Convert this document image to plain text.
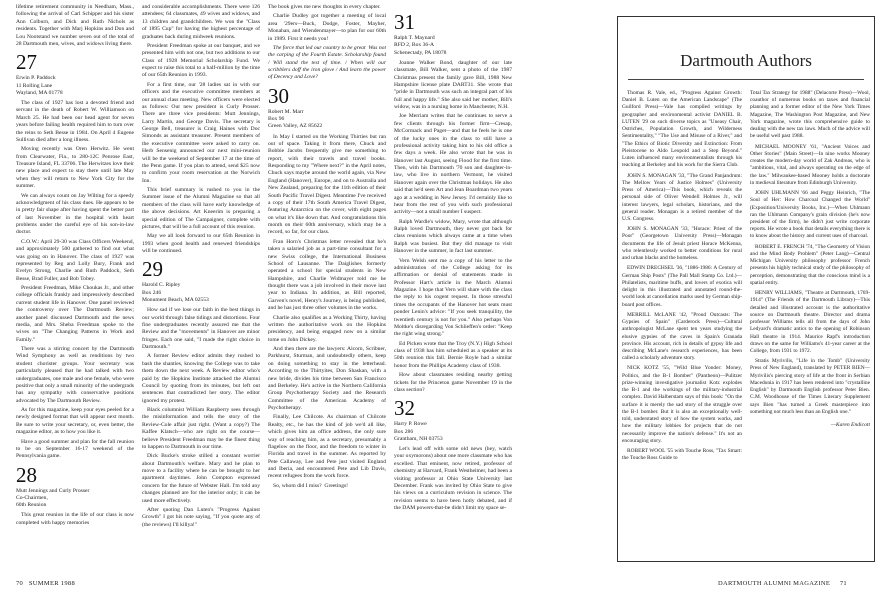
lifetime retirement community in Needham, Mass., following the arrival of Carl Schipper and his sister Ann Colburn, and Dick and Ruth Nichols as residents. Together with Marj Hopkins and Don and Lou Nootstand we number seven out of the total of 28 Dartmouth men, wives, and widows living there.

27
Erwin P. Paddock
11 Rolling Lane
Wayland, MA 01778

The class of 1927 has lost a devoted friend and servant in the death of Robert W. Williamson on March 25. He had been our head agent for seven years before failing health required him to turn over the reins to Seth Besse in 1984. On April 4 Eugene Sullivan died after a long illness.

Moving recently was Oren Herwitz. He went from Clearwater, Fla., to 280-12C Penrose East, Treasure Island, FL 33706. The Herwitzes love their new place and expect to stay there until late May when they will return to New York City for the summer.

We can always count on Jay Wilting for a speedy acknowledgment of his class dues. He appears to be in pretty fair shape after having spent the better part of last November in the hospital with heart problems under the careful eye of his son-in-law doctor.

C.O.W.: April 29-30 was Class Officers Weekend, and approximately 500 gathered to find out what was going on in Hanover. The class of 1927 was represented by Reg and Lolly Bury, Frank and Evelyn Strong, Charlie and Ruth Paddock, Seth Besse, Brad Fuller, and Bob Tobey.

President Freedman, Mike Choukas Jr., and other college officials frankly and impressively described current student life in Hanover. One panel reviewed the controversy over The Dartmouth Review; another panel discussed Dartmouth and the news media, and Mrs. Sheba Freedman spoke to the wives on "The Changing Patterns in Work and Family."

There was a stirring concert by the Dartmouth Wind Symphony as well as renditions by two student chorister groups. Your secretary was particularly pleased that he had talked with two undergraduates, one male and one female, who were positive that only a small minority of the undergrads has any sympathy with conservative positions advocated by The Dartmouth Review.

As for this magazine, keep your eyes peeled for a newly designed format that will appear next month. Be sure to write your secretary, or, even better, the magazine editor, as to how you like it.

Have a good summer and plan for the fall reunion to be on September 16-17 weekend of the Pennsylvania game.

28
Mutt Jennings and Curly Prosser
Co-Chairmen,
60th Reunion

This great reunion in the life of our class is now completed with happy memories

and considerable accomplishments. There were 126 attendees; 64 classmates, 49 wives and widows, and 13 children and grandchildren. We won the "Class of 1895 Cup" for having the highest percentage of graduates back during midweek reunions.

President Freedman spoke at our banquet, and we presented him with not one, but two additions to our Class of 1928 Memorial Scholarship Fund. We expect to raise this total to a half-million by the time of our 65th Reunion in 1993.

For a first time, our '28 ladies sat in with our officers and the executive committee members at our annual class meeting. New officers were elected as follows: Our new president is Curly Prosser. There are three vice presidents: Mutt Jennings, Larry Martin, and George Davis. The secretary is George Bell, treasurer is Craig Haines with Doc Simonds as assistant treasurer. Present members of the executive committee were asked to carry on. Herb Sensenig announced our next mini-reunion will be the weekend of September 17 at the time of the Penn game. If you plan to attend, send $25 now to confirm your room reservation at the Norwich Inn.

This brief summary is rushed to you in the Summer issue of the Alumni Magazine so that all members of the class will have early knowledge of the above decisions. Art Kneerim is preparing a special edition of The Campaigner, complete with pictures, that will be a full account of this reunion.

May we all look forward to our 65th Reunion in 1993 when good health and renewed friendships will be continued.

29
Harold C. Ripley
Box 246
Monument Beach, MA 02553

How sad if we lose our faith in the best things in our world through false tidings and distortions. Four fine undergraduates recently assured me that the Review and the "movements" in Hanover are minor fringes. Each one said, "I made the right choice in Dartmouth."

A former Review editor admits they rushed to bash the shanties, knowing the College was to take them down the next week. A Review editor who's paid by the Hopkins Institute attacked the Alumni Council by quoting from its minutes, but left out sentences that contradicted her story. The editor ignored my protest.

Black columnist William Raspberry sees through the misinformation and tells the story of the Review-Cole affair just right. (Want a copy?) The Kaffee Klatsch—who are right on the course—believe President Freedman may be the finest thing to happen to Dartmouth in our time.

Dick Bucke's stroke stilled a constant worrier about Dartmouth's welfare. Mary and he plan to move to a facility where he can be brought to her apartment daytimes. John Compton expressed concern for the future of Webster Hall. I'm told any changes planned are for the interior only; it can be used more effectively.

After quoting Dan Luten's "Progress Against Growth" I got his note saying, "If you quote any of (the reviews) I'll killya!"

The book gives me new thoughts in every chapter.

Charlie Dudley got together a meeting of local area '29ers—Buck, Dodge, Foster, Mayher, Monahan, and Wiendenmayer—to plan for our 60th in 1989. First it needs you!

The force that led our country to be great  Was not the carping of the Fourth Estate. Scholarship found / Will stand the test of time. / When will our scribblers doff the iron glove / And learn the power of Decency and Love?

30
Robert M. Marr
Box 96
Green Valley, AZ 85622

In May I started on the Working Thirties but ran out of space. Taking it from there, Chuck and Bobbie Jacobs frequently give me something to report, with their travels and travel books. Responding to my "Where next?" in the April notes, Chuck says maybe around the world again, via New England (Hanover), Europe, and on to Australia and New Zealand, preparing for the 11th edition of their South Pacific Travel Digest. Meantime I've received a copy of their 17th South America Travel Digest, featuring Antarctica on the cover, with eight pages on what it's like down that. And congratulations this month on their 60th anniversary, which may be a record, so far, for our class.

Fran Horn's Christmas letter revealed that he's taken a salaried job as a part-time consultant for a new Swiss college, the International Business School of Lausanne. The Daiglishes formerly operated a school for special students in New Hampshire, and Charlie Widmayer told me he thought there was a job involved in their move last year to Indiana. In addition, as Bill reported, Garven's novel, Henry's Journey, is being published, and he has just three other volumes in the works.

Charlie also qualifies as a Working Thirty, having written the authoritative work on the Hopkins presidency, and being engaged now on a similar tome on John Dickey.

And then there are the lawyers: Alcorn, Scribner, Parkhurst, Sturman, and undoubtedly others, keep on doing something to stay in the letterhead. According to the Thirtyites, Don Shaskan, with a new bride, divides his time between San Francisco and Berkeley. He's active in the Northern California Group Psychotherapy Society and the Research Committee of the American Academy of Psychotherapy.

Finally, Lee Chilcote. As chairman of Chilcote Realty, etc., he has the kind of job we'd all like, which gives him an office address, the only sure way of reaching him, as a secretary, presumably a flagelow on the floor, and the freedom to winter in Florida and travel in the summer. As reported by Pete Callaway, Lee and Pete just visited England and Iberia, and encountered Pete and Lib Davis, recent refugees from the work force.

So, whom did I miss?  Greetings!

31
Ralph T. Maynard
RFD 2, Box 36-A
Schenectady, PA 18078

Joanne Walker Bond, daughter of our late classmate, Bill Walker, sent a photo of the 1987 Christmas present the family gave Bill, 1988 New Hampshire license plate DART31. She wrote that "pride in Dartmouth was such an integral part of his full and happy life." She also said her mother, Bill's widow, was in a nursing home in Manchester, N.H.

Joe Merriam writes that he continues to serve a few clients through his former firm—Cresap, McCormack and Paget—and that he feels he is one of the lucky ones in the class to still have a professional activity taking him to his old office a few days a week. He also wrote that he was in Hanover last August, seeing Flood for the first time. Then, with his Dartmouth '70 son and daughter-in-law, who live in northern Vermont, he visited Hanover again over the Christmas holidays. He also said that he'd seen Art and Jean Boardman two years ago at a wedding in New Jersey. I'd certainly like to hear from the rest of you with such professional activity—not a small number I suspect.

Ralph Wardle's widow, Mary, wrote that although Ralph loved Dartmouth, they never got back for class reunions which always came at a time when Ralph was busiest. But they did manage to visit Hanover in the summer, in fact last summer.

Vern Welsh sent me a copy of his letter to the administration of the College asking for its affirmation or denial of statements made in Professor Hart's article in the March Alumni Magazine. I hope that Vern will share with the class the reply to his cogent request. In those stressful times the occupants of the Hanover hot seats must ponder Lenin's advice: "If you seek tranquility, the twentieth century is not for you." Also perhaps Von Moltke's disregarding Von Schlieffen's order: "Keep the right wing strong."

Ed Picken wrote that the Troy (N.Y.) High School class of 1938 has him scheduled as a speaker at its 50th reunion this fall. Bernie Royle had a similar honor from the Phillips Academy class of 1938.

How about classmates residing nearby getting tickets for the Princeton game November 19 in the class section?

32
Harry P. Rowe
Box 286
Grantham, NH 03753

Let's lead off with some old news (hey, watch your oxymorons) about one more classmate who has excelled. That eminent, now retired, professor of chemistry at Harvard, Frank Westheimer, had been a visiting professor at Ohio State University last December. Frank was invited by Ohio State to give his views on a curriculum revision in science. The revision seems to have been hotly debated, and if the DAM powers-that-be didn't limit my space se-

Dartmouth Authors

Thomas R. Vale, ed., "Progress Against Growth: Daniel B. Luten on the American Landscape" (The Guilford Press)—Vale has compiled writings by geographer and environmental activist DANIEL B. LUTEN '29 on such diverse topics as "Uneasy Chair, Ostriches, Population Growth, and Wilderness Sentimentality," "The Use and Misuse of a River," and "The Ethics of Biotic Diversity and Extinction: From Pleistocene to Aldo Leopold and a Step Beyond." Luten influenced many environmentalists through his teaching at Berkeley and his work for the Sierra Club.

JOHN S. MONAGAN '33, "The Grand Panjandrum: The Mellow Years of Justice Holmes" (University Press of America)—This book, which reveals the personal side of Oliver Wendell Holmes Jr., will interest lawyers, legal scholars, historians, and the general reader. Monagan is a retired member of the U.S. Congress.

JOHN S. MONAGAN '33, "Horace: Priest of the Poor" (Georgetown University Press)—Monagan documents the life of Jesuit priest Horace McKenna, who relentlessly worked to better conditions for rural and urban blacks and the homeless.

EDWIN DRECHSEL '36, "1886-1986: A Century of German Ship Posts" (The Pall Mall Stamp Co. Ltd.)—Philatelists, maritime buffs, and lovers of exotica will delight in this illustrated and annotated round-the-world look at cancellation marks used by German ship-board post offices.

MERRILL McLANE '42, "Proud Outcasts: The Gypsies of Spain" (Carderock Press)—Cultural anthropologist McLane spent ten years studying the elusive gypsies of the caves in Spain's Granada province. His account, rich in details of gypsy life and describing McLane's research experiences, has been called a scholarly adventure story.

NICK KOTZ '55, "Wild Blue Yonder: Money, Politics, and the B-1 Bomber" (Pantheon)—Pulitzer prize-winning investigative journalist Kotz explodes the B-1 and the workings of the military-industrial complex. David Halberstam says of this book: "On the surface it is merely the sad story of the struggle over the B-1 bomber. But it is also an exceptionally well-told, understated story of how the system works, and how the military lobbies for projects that do not necessarily improve the nation's defense." It's not an encouraging story.

ROBERT WOOL '55 with Touche Ross, "Tax Smart: the Touche Ross Guide to

Total Tax Strategy for 1988" (Delacorte Press)—Wool, coauthor of numerous books on taxes and financial planning and a former editor of the New York Times Magazine, The Washington Post Magazine, and New York magazine, wrote this comprehensive guide to dealing with the new tax laws. Much of the advice will be useful well past 1988.

MICHAEL MOONEY '61, "Ancient Voices and Other Stories" (Main Street)—In nine works Mooney creates the modern-day world of Zak Andreas, who is "ambitious, vital, and always operating on the edge of the law." Milwaukee-based Mooney holds a doctorate in medieval literature from Edinburgh University.

JOHN UHLMANN '66 and Peggy Heinrich, "The Soul of Her: How Charcoal Changed the World" (Exposition/University Books, Inc.)—When Uhlmann ran the Uhlmann Company's grain division (he's now president of the firm), he didn't just write corporate reports. He wrote a book that details everything there is to know about the history and current uses of charcoal.

ROBERT E. FRENCH '74, "The Geometry of Vision and the Mind Body Problem" (Peter Lang)—Central Michigan University philosophy professor French presents his highly technical study of the philosophy of perception, demonstrating that the conscious mind is a spatial entity.

HENRY WILLIAMS, "Theatre at Dartmouth, 1769-1914" (The Friends of the Dartmouth Library)—This detailed and illustrated account is the authoritative source on Dartmouth theatre. Director and drama professor Williams tells all from the days of John Ledyard's dramatic antics to the opening of Robinson Hall theatre in 1914. Maurice Rapf's introduction draws on the same for Williams's 41-year career at the College, from 1931 to 1972.

Stratis Myrivilis, "Life in the Tomb" (University Press of New England), translated by PETER BIEN—Myrivilis's piercing story of life at the front in Serbian Macedonia in 1917 has been rendered into "crystalline English" by Dartmouth English professor Peter Bien. C.M. Woodhouse of the Times Literary Supplement says Bien "has turned a Greek masterpiece into something not much less than an English one."

—Karen Endicott
70 SUMMER 1988	DARTMOUTH ALUMNI MAGAZINE 71
